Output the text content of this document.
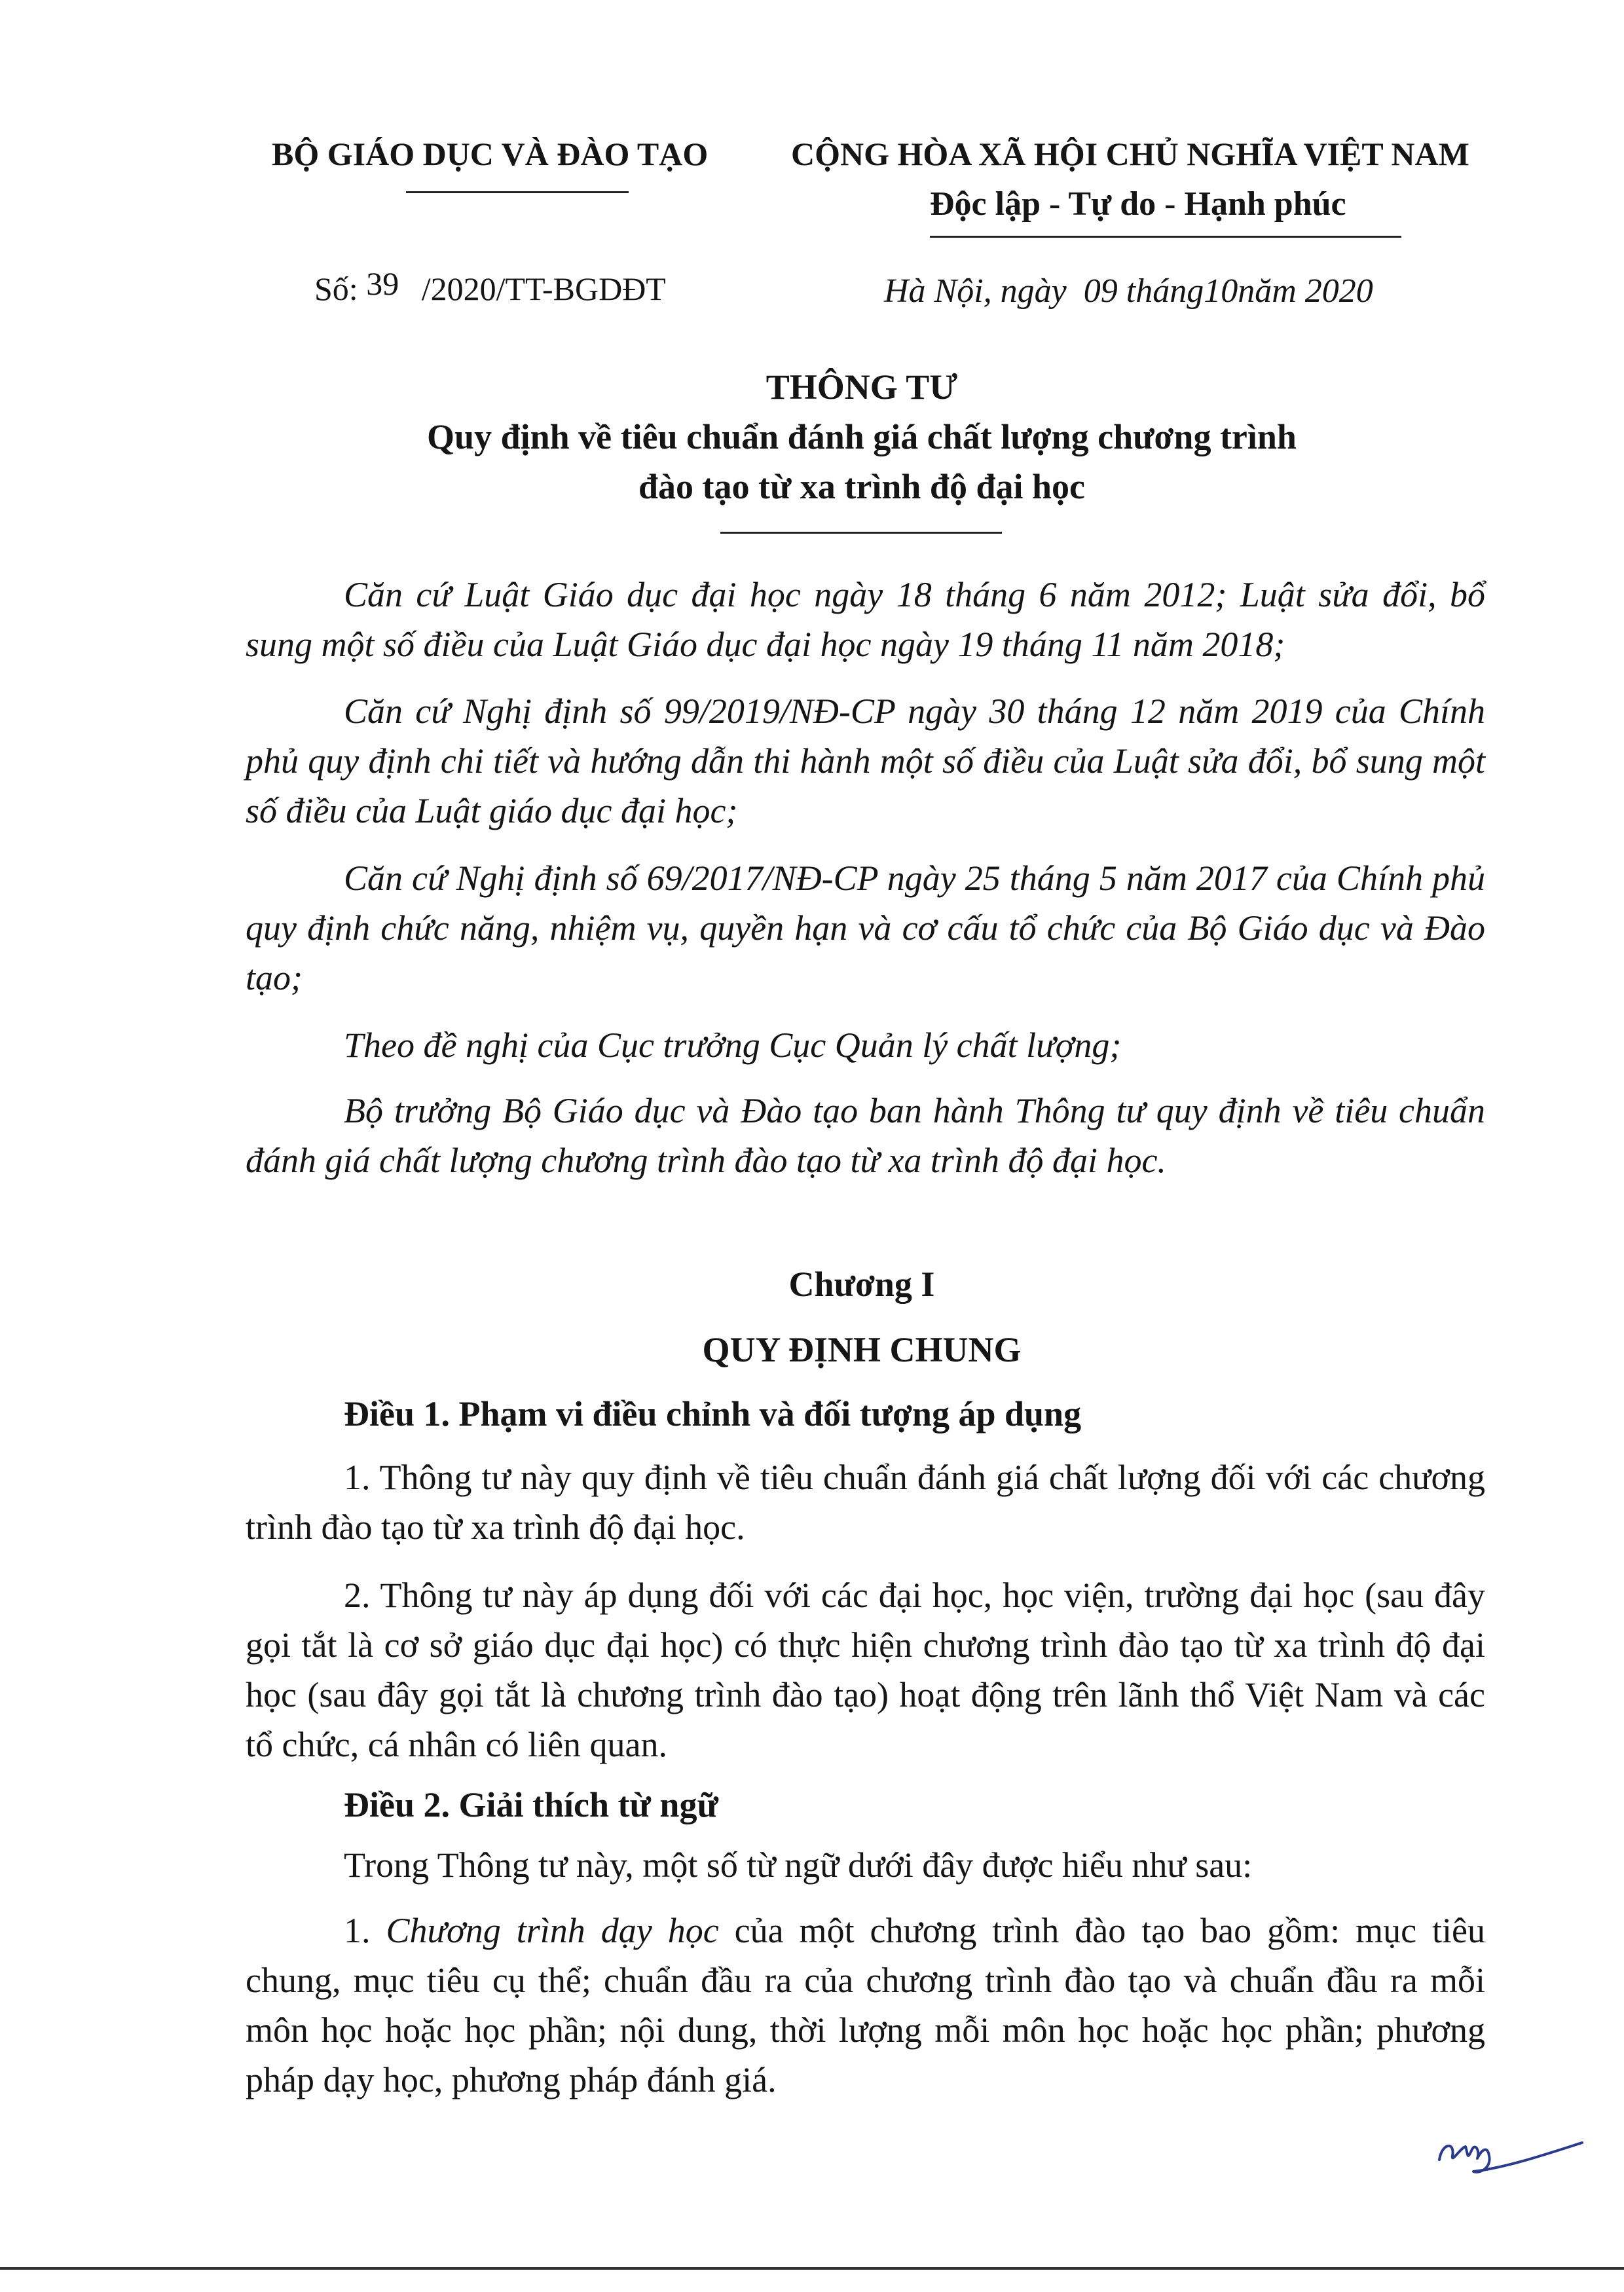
BỘ GIÁO DỤC VÀ ĐÀO TẠO	CỘNG HÒA XÃ HỘI CHỦ NGHĨA VIỆT NAM
Độc lập - Tự do - Hạnh phúc
Số: 39 /2020/TT-BGDĐT	Hà Nội, ngày  09 tháng10năm 2020
THÔNG TƯ
Quy định về tiêu chuẩn đánh giá chất lượng chương trình
đào tạo từ xa trình độ đại học

Căn cứ Luật Giáo dục đại học ngày 18 tháng 6 năm 2012; Luật sửa đổi, bổ sung một số điều của Luật Giáo dục đại học ngày 19 tháng 11 năm 2018;

Căn cứ Nghị định số 99/2019/NĐ-CP ngày 30 tháng 12 năm 2019 của Chính phủ quy định chi tiết và hướng dẫn thi hành một số điều của Luật sửa đổi, bổ sung một số điều của Luật giáo dục đại học;

Căn cứ Nghị định số 69/2017/NĐ-CP ngày 25 tháng 5 năm 2017 của Chính phủ quy định chức năng, nhiệm vụ, quyền hạn và cơ cấu tổ chức của Bộ Giáo dục và Đào tạo;

Theo đề nghị của Cục trưởng Cục Quản lý chất lượng;

Bộ trưởng Bộ Giáo dục và Đào tạo ban hành Thông tư quy định về tiêu chuẩn đánh giá chất lượng chương trình đào tạo từ xa trình độ đại học.

Chương I
QUY ĐỊNH CHUNG
Điều 1. Phạm vi điều chỉnh và đối tượng áp dụng

1. Thông tư này quy định về tiêu chuẩn đánh giá chất lượng đối với các chương trình đào tạo từ xa trình độ đại học.

2. Thông tư này áp dụng đối với các đại học, học viện, trường đại học (sau đây gọi tắt là cơ sở giáo dục đại học) có thực hiện chương trình đào tạo từ xa trình độ đại học (sau đây gọi tắt là chương trình đào tạo) hoạt động trên lãnh thổ Việt Nam và các tổ chức, cá nhân có liên quan.

Điều 2. Giải thích từ ngữ

Trong Thông tư này, một số từ ngữ dưới đây được hiểu như sau:

1. Chương trình dạy học của một chương trình đào tạo bao gồm: mục tiêu chung, mục tiêu cụ thể; chuẩn đầu ra của chương trình đào tạo và chuẩn đầu ra mỗi môn học hoặc học phần; nội dung, thời lượng mỗi môn học hoặc học phần; phương pháp dạy học, phương pháp đánh giá.
